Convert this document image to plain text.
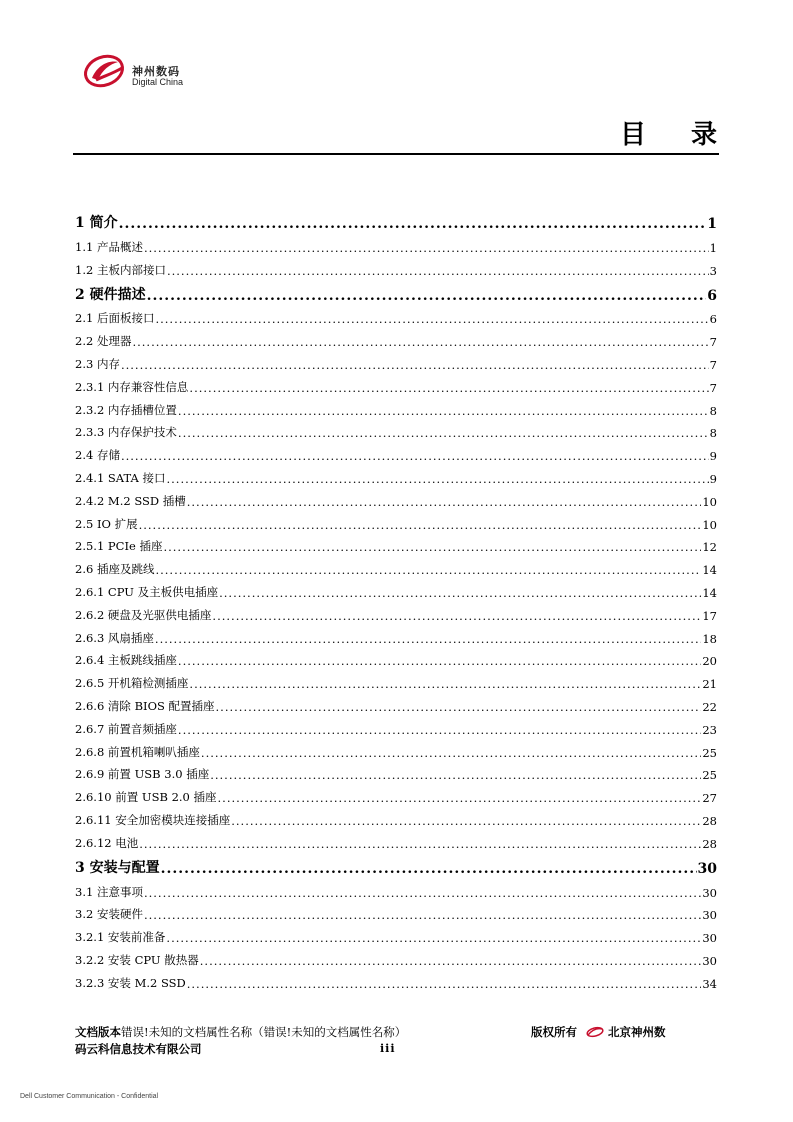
神州数码
Digital China
目 录
1 简介 .....	1
1.1 产品概述 .....	1
1.2 主板内部接口 .....	3
2 硬件描述 .....	6
2.1 后面板接口 .....	6
2.2 处理器 .....	7
2.3 内存 .....	7
2.3.1 内存兼容性信息 .....	7
2.3.2 内存插槽位置 .....	8
2.3.3 内存保护技术 .....	8
2.4 存储 .....	9
2.4.1 SATA 接口 .....	9
2.4.2 M.2 SSD 插槽 .....	10
2.5 IO 扩展 .....	10
2.5.1 PCIe 插座 .....	12
2.6 插座及跳线 .....	14
2.6.1 CPU 及主板供电插座 .....	14
2.6.2 硬盘及光驱供电插座 .....	17
2.6.3 风扇插座 .....	18
2.6.4 主板跳线插座 .....	20
2.6.5 开机箱检测插座 .....	21
2.6.6 清除 BIOS 配置插座 .....	22
2.6.7 前置音频插座 .....	23
2.6.8 前置机箱喇叭插座 .....	25
2.6.9 前置 USB 3.0 插座 .....	25
2.6.10 前置 USB 2.0 插座 .....	27
2.6.11 安全加密模块连接插座 .....	28
2.6.12 电池 .....	28
3 安装与配置 .....	30
3.1 注意事项 .....	30
3.2 安装硬件 .....	30
3.2.1 安装前准备 .....	30
3.2.2 安装 CPU 散热器 .....	30
3.2.3 安装 M.2 SSD .....	34
文档版本错误!未知的文档属性名称（错误!未知的文档属性名称）
码云科信息技术有限公司	iii
版权所有	北京神州数
Dell Customer Communication - Confidential
